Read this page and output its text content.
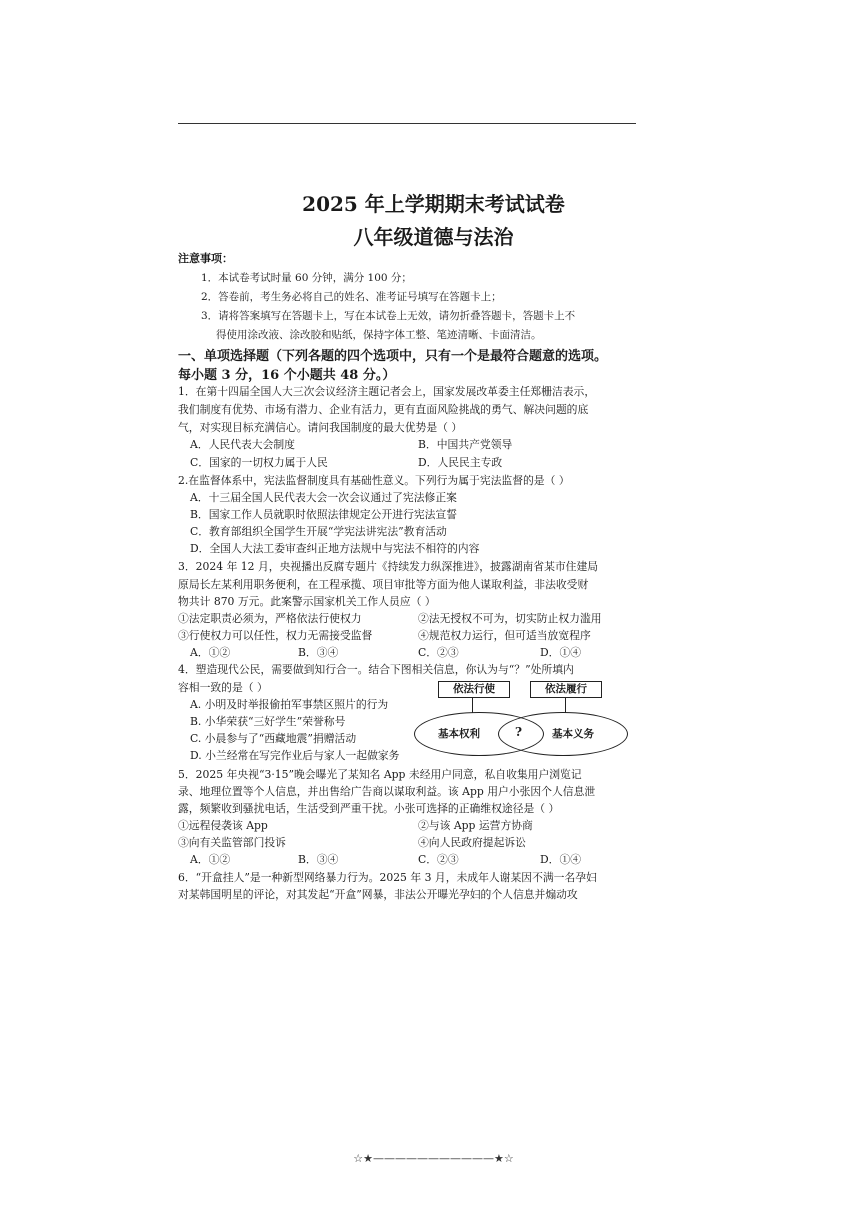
2025 年上学期期末考试试卷
八年级道德与法治
注意事项：
1．本试卷考试时量 60 分钟，满分 100 分；
2．答卷前，考生务必将自己的姓名、准考证号填写在答题卡上；
3．请将答案填写在答题卡上，写在本试卷上无效，请勿折叠答题卡，答题卡上不
得使用涂改液、涂改胶和贴纸，保持字体工整、笔迹清晰、卡面清洁。
一、单项选择题（下列各题的四个选项中，只有一个是最符合题意的选项。
每小题 3 分，16 个小题共 48 分。）
1．在第十四届全国人大三次会议经济主题记者会上，国家发展改革委主任郑栅洁表示，
我们制度有优势、市场有潜力、企业有活力，更有直面风险挑战的勇气、解决问题的底
气，对实现目标充满信心。请问我国制度的最大优势是（ ）
A．人民代表大会制度	B．中国共产党领导
C．国家的一切权力属于人民	D．人民民主专政
2.在监督体系中，宪法监督制度具有基础性意义。下列行为属于宪法监督的是（ ）
A．十三届全国人民代表大会一次会议通过了宪法修正案
B．国家工作人员就职时依照法律规定公开进行宪法宣誓
C．教育部组织全国学生开展“学宪法讲宪法”教育活动
D．全国人大法工委审查纠正地方法规中与宪法不相符的内容
3．2024 年 12 月，央视播出反腐专题片《持续发力纵深推进》，披露湖南省某市住建局
原局长左某利用职务便利，在工程承揽、项目审批等方面为他人谋取利益，非法收受财
物共计 870 万元。此案警示国家机关工作人员应（ ）
①法定职责必须为，严格依法行使权力	②法无授权不可为，切实防止权力滥用
③行使权力可以任性，权力无需接受监督	④规范权力运行，但可适当放宽程序
A．①②	B．③④	C．②③	D．①④
4．塑造现代公民，需要做到知行合一。结合下图相关信息，你认为与“？”处所填内
容相一致的是（ ）
A. 小明及时举报偷拍军事禁区照片的行为
B. 小华荣获“三好学生”荣誉称号
C. 小晨参与了“西藏地震”捐赠活动
D. 小兰经常在写完作业后与家人一起做家务
依法行使	依法履行
基本权利	?	基本义务
5．2025 年央视“3·15”晚会曝光了某知名 App 未经用户同意，私自收集用户浏览记
录、地理位置等个人信息，并出售给广告商以谋取利益。该 App 用户小张因个人信息泄
露，频繁收到骚扰电话，生活受到严重干扰。小张可选择的正确维权途径是（ ）
①远程侵袭该 App	②与该 App 运营方协商
③向有关监管部门投诉	④向人民政府提起诉讼
A．①②	B．③④	C．②③	D．①④
6．“开盒挂人”是一种新型网络暴力行为。2025 年 3 月，未成年人谢某因不满一名孕妇
对某韩国明星的评论，对其发起“开盒”网暴，非法公开曝光孕妇的个人信息并煽动攻
☆★———————————★☆
